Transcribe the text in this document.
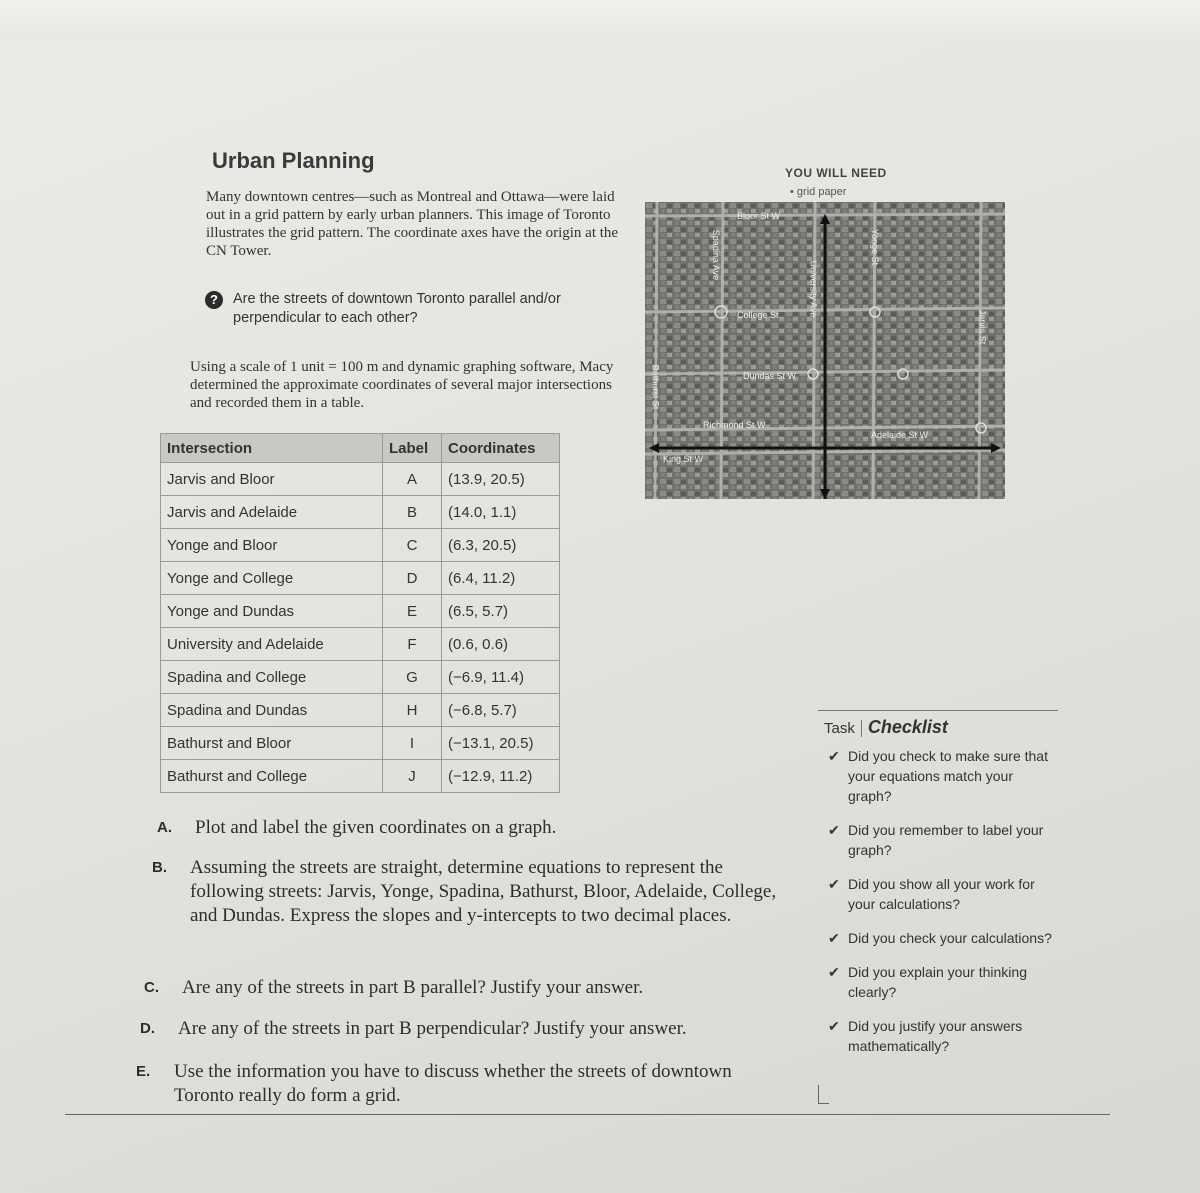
Urban Planning	YOU WILL NEED
• grid paper
Many downtown centres—such as Montreal and Ottawa—were laid out in a grid pattern by early urban planners. This image of Toronto illustrates the grid pattern. The coordinate axes have the origin at the CN Tower.
?	Are the streets of downtown Toronto parallel and/or perpendicular to each other?
Using a scale of 1 unit = 100 m and dynamic graphing software, Macy determined the approximate coordinates of several major intersections and recorded them in a table.
Intersection	Label	Coordinates
Jarvis and Bloor	A	(13.9, 20.5)
Jarvis and Adelaide	B	(14.0, 1.1)
Yonge and Bloor	C	(6.3, 20.5)
Yonge and College	D	(6.4, 11.2)
Yonge and Dundas	E	(6.5, 5.7)
University and Adelaide	F	(0.6, 0.6)
Spadina and College	G	(−6.9, 11.4)
Spadina and Dundas	H	(−6.8, 5.7)
Bathurst and Bloor	I	(−13.1, 20.5)
Bathurst and College	J	(−12.9, 11.2)
Bloor St W
College St
Dundas St W
Richmond St W
Adelaide St W
King St W
Bathurst St
Spadina Ave
University Ave
Yonge St
Jarvis St
A. Plot and label the given coordinates on a graph.
B. Assuming the streets are straight, determine equations to represent the following streets: Jarvis, Yonge, Spadina, Bathurst, Bloor, Adelaide, College, and Dundas. Express the slopes and y-intercepts to two decimal places.
C. Are any of the streets in part B parallel? Justify your answer.
D. Are any of the streets in part B perpendicular? Justify your answer.
E. Use the information you have to discuss whether the streets of downtown Toronto really do form a grid.
Task Checklist
✔ Did you check to make sure that your equations match your graph?
✔ Did you remember to label your graph?
✔ Did you show all your work for your calculations?
✔ Did you check your calculations?
✔ Did you explain your thinking clearly?
✔ Did you justify your answers mathematically?
